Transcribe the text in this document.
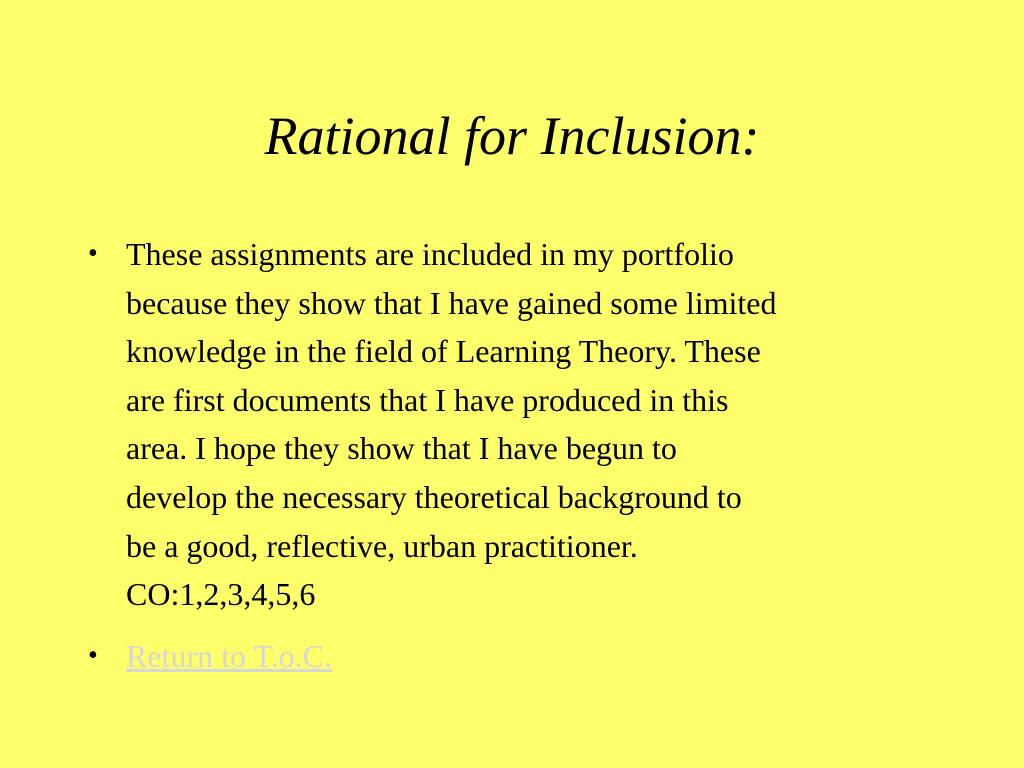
Rational for Inclusion:
• These assignments are included in my portfolio
because they show that I have gained some limited
knowledge in the field of Learning Theory. These
are first documents that I have produced in this
area. I hope they show that I have begun to
develop the necessary theoretical background to
be a good, reflective, urban practitioner.
CO:1,2,3,4,5,6
• Return to T.o.C.
